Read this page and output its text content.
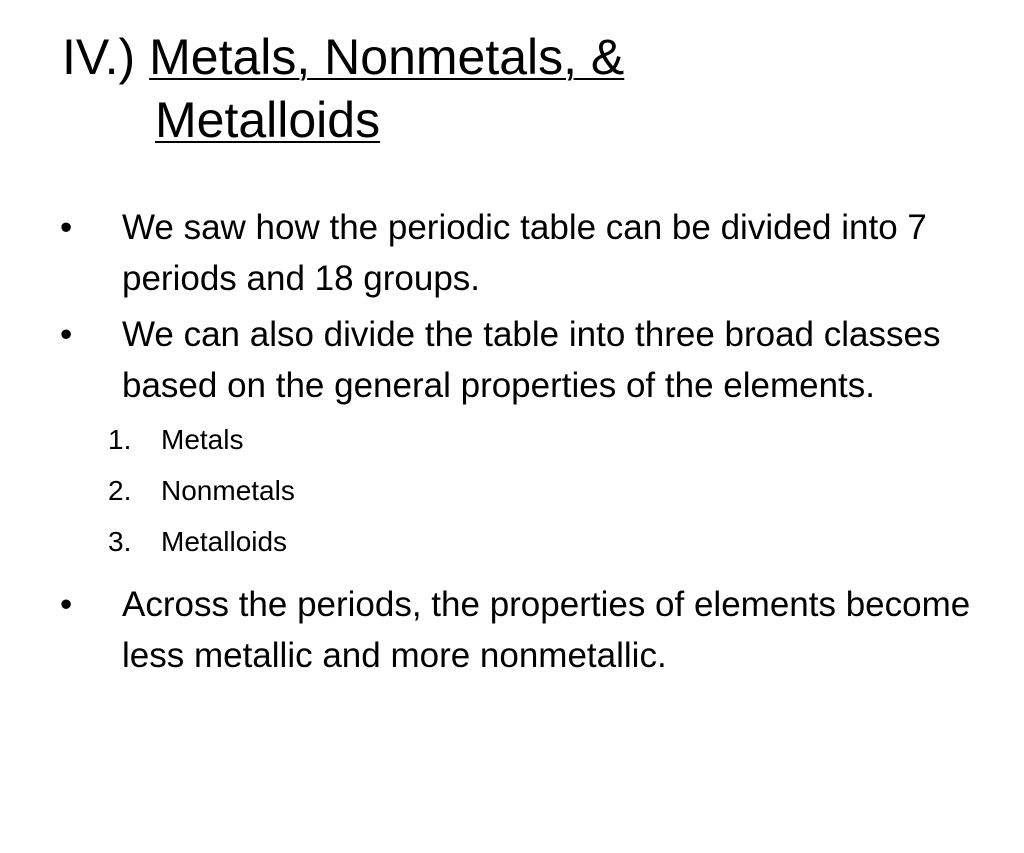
IV.) Metals, Nonmetals, &
Metalloids
• We saw how the periodic table can be divided into 7 periods and 18 groups.
• We can also divide the table into three broad classes based on the general properties of the elements.
1. Metals
2. Nonmetals
3. Metalloids
• Across the periods, the properties of elements become less metallic and more nonmetallic.
